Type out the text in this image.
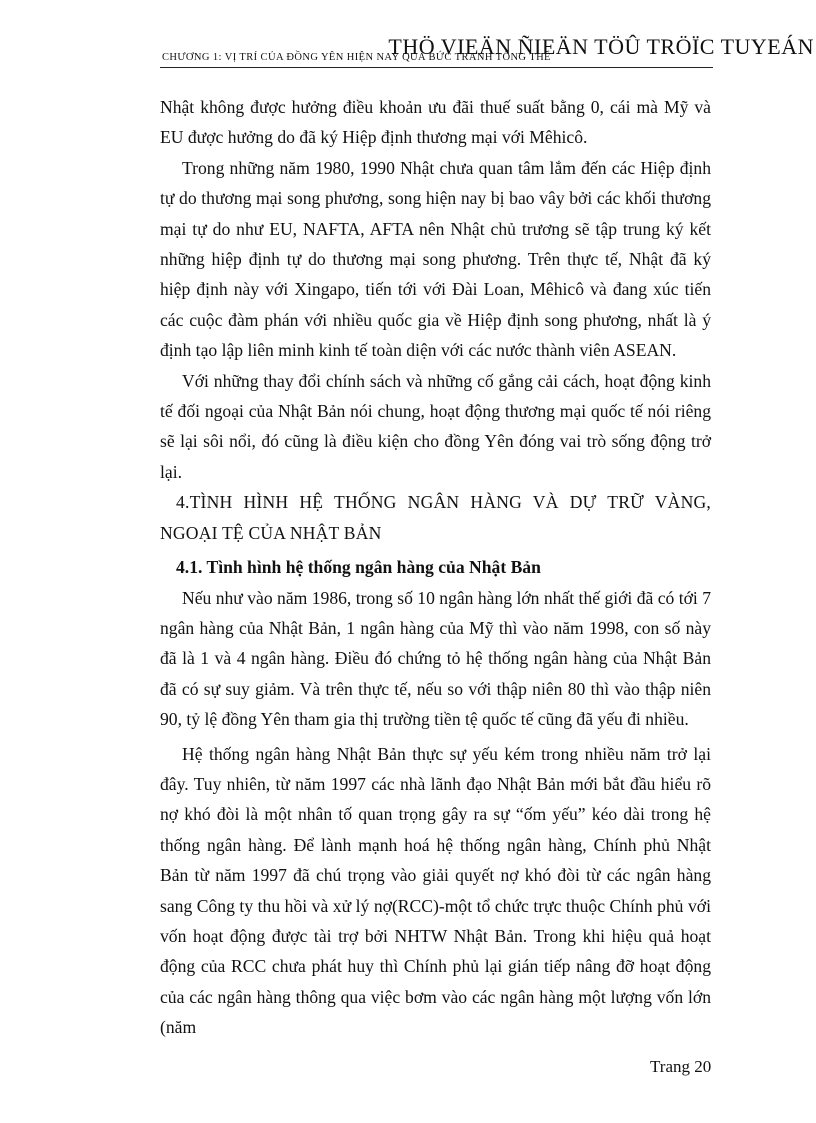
THÖ VIEÄN ÑIEÄN TÖÛ TRÖÏC TUYEÁN
CHƯƠNG 1: VỊ TRÍ CỦA ĐỒNG YÊN HIỆN NAY QUA BỨC TRANH TỔNG THỂ

Nhật không được hưởng điều khoản ưu đãi thuế suất bằng 0, cái mà Mỹ và EU được hưởng do đã ký Hiệp định thương mại với Mêhicô.

Trong những năm 1980, 1990 Nhật chưa quan tâm lắm đến các Hiệp định tự do thương mại song phương, song hiện nay bị bao vây bởi các khối thương mại tự do như EU, NAFTA, AFTA nên Nhật chủ trương sẽ tập trung ký kết những hiệp định tự do thương mại song phương. Trên thực tế, Nhật đã ký hiệp định này với Xingapo, tiến tới với Đài Loan, Mêhicô và đang xúc tiến các cuộc đàm phán với nhiều quốc gia về Hiệp định song phương, nhất là ý định tạo lập liên minh kinh tế toàn diện với các nước thành viên ASEAN.

Với những thay đổi chính sách và những cố gắng cải cách, hoạt động kinh tế đối ngoại của Nhật Bản nói chung, hoạt động thương mại quốc tế nói riêng sẽ lại sôi nổi, đó cũng là điều kiện cho đồng Yên đóng vai trò sống động trở lại.

4.TÌNH HÌNH HỆ THỐNG NGÂN HÀNG VÀ DỰ TRỮ VÀNG, NGOẠI TỆ CỦA NHẬT BẢN

4.1. Tình hình hệ thống ngân hàng của Nhật Bản

Nếu như vào năm 1986, trong số 10 ngân hàng lớn nhất thế giới đã có tới 7 ngân hàng của Nhật Bản, 1 ngân hàng của Mỹ thì vào năm 1998, con số này đã là 1 và 4 ngân hàng. Điều đó chứng tỏ hệ thống ngân hàng của Nhật Bản đã có sự suy giảm. Và trên thực tế, nếu so với thập niên 80 thì vào thập niên 90, tỷ lệ đồng Yên tham gia thị trường tiền tệ quốc tế cũng đã yếu đi nhiều.

Hệ thống ngân hàng Nhật Bản thực sự yếu kém trong nhiều năm trở lại đây. Tuy nhiên, từ năm 1997 các nhà lãnh đạo Nhật Bản mới bắt đầu hiểu rõ nợ khó đòi là một nhân tố quan trọng gây ra sự “ốm yếu” kéo dài trong hệ thống ngân hàng. Để lành mạnh hoá hệ thống ngân hàng, Chính phủ Nhật Bản từ năm 1997 đã chú trọng vào giải quyết nợ khó đòi từ các ngân hàng sang Công ty thu hồi và xử lý nợ(RCC)-một tổ chức trực thuộc Chính phủ với vốn hoạt động được tài trợ bởi NHTW Nhật Bản. Trong khi hiệu quả hoạt động của RCC chưa phát huy thì Chính phủ lại gián tiếp nâng đỡ hoạt động của các ngân hàng thông qua việc bơm vào các ngân hàng một lượng vốn lớn (năm

Trang 20
